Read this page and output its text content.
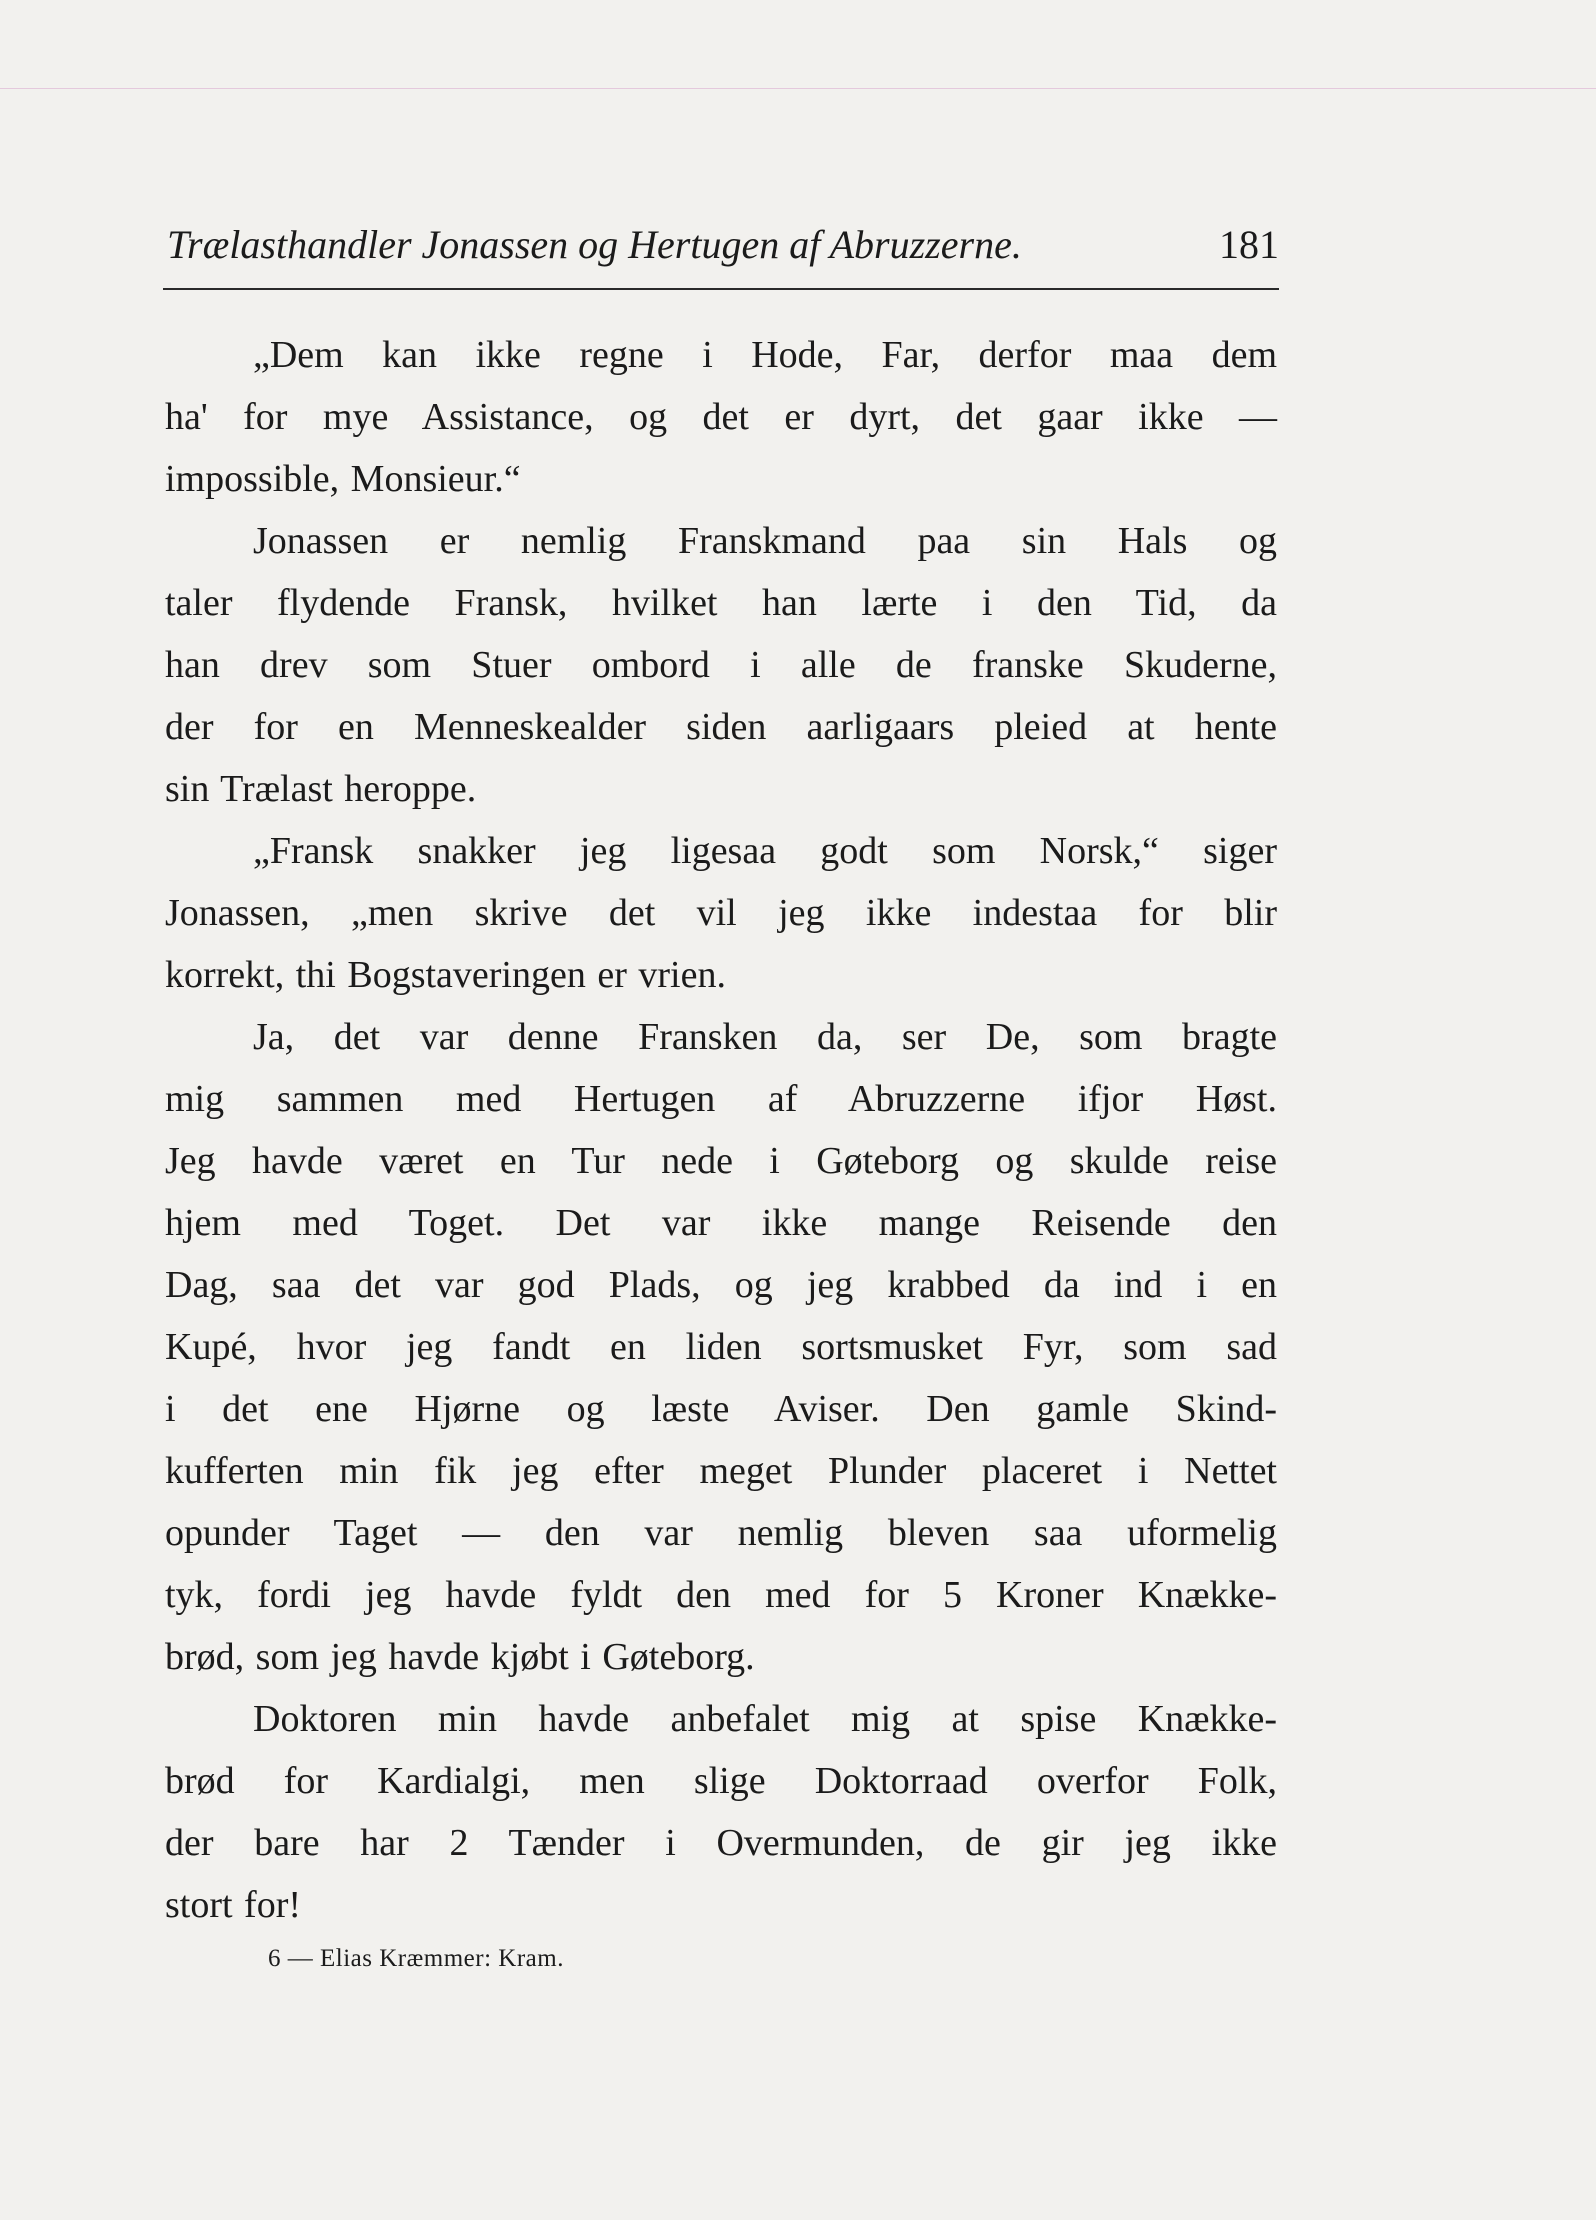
Trælasthandler Jonassen og Hertugen af Abruzzerne.	181
„Dem kan ikke regne i Hode, Far, derfor maa dem
ha' for mye Assistance, og det er dyrt, det gaar ikke —
impossible, Monsieur.“
Jonassen er nemlig Franskmand paa sin Hals og
taler flydende Fransk, hvilket han lærte i den Tid, da
han drev som Stuer ombord i alle de franske Skuderne,
der for en Menneskealder siden aarligaars pleied at hente
sin Trælast heroppe.
„Fransk snakker jeg ligesaa godt som Norsk,“ siger
Jonassen, „men skrive det vil jeg ikke indestaa for blir
korrekt, thi Bogstaveringen er vrien.
Ja, det var denne Fransken da, ser De, som bragte
mig sammen med Hertugen af Abruzzerne ifjor Høst.
Jeg havde været en Tur nede i Gøteborg og skulde reise
hjem med Toget. Det var ikke mange Reisende den
Dag, saa det var god Plads, og jeg krabbed da ind i en
Kupé, hvor jeg fandt en liden sortsmusket Fyr, som sad
i det ene Hjørne og læste Aviser. Den gamle Skind-
kufferten min fik jeg efter meget Plunder placeret i Nettet
opunder Taget — den var nemlig bleven saa uformelig
tyk, fordi jeg havde fyldt den med for 5 Kroner Knække-
brød, som jeg havde kjøbt i Gøteborg.
Doktoren min havde anbefalet mig at spise Knække-
brød for Kardialgi, men slige Doktorraad overfor Folk,
der bare har 2 Tænder i Overmunden, de gir jeg ikke
stort for!
6 — Elias Kræmmer: Kram.
